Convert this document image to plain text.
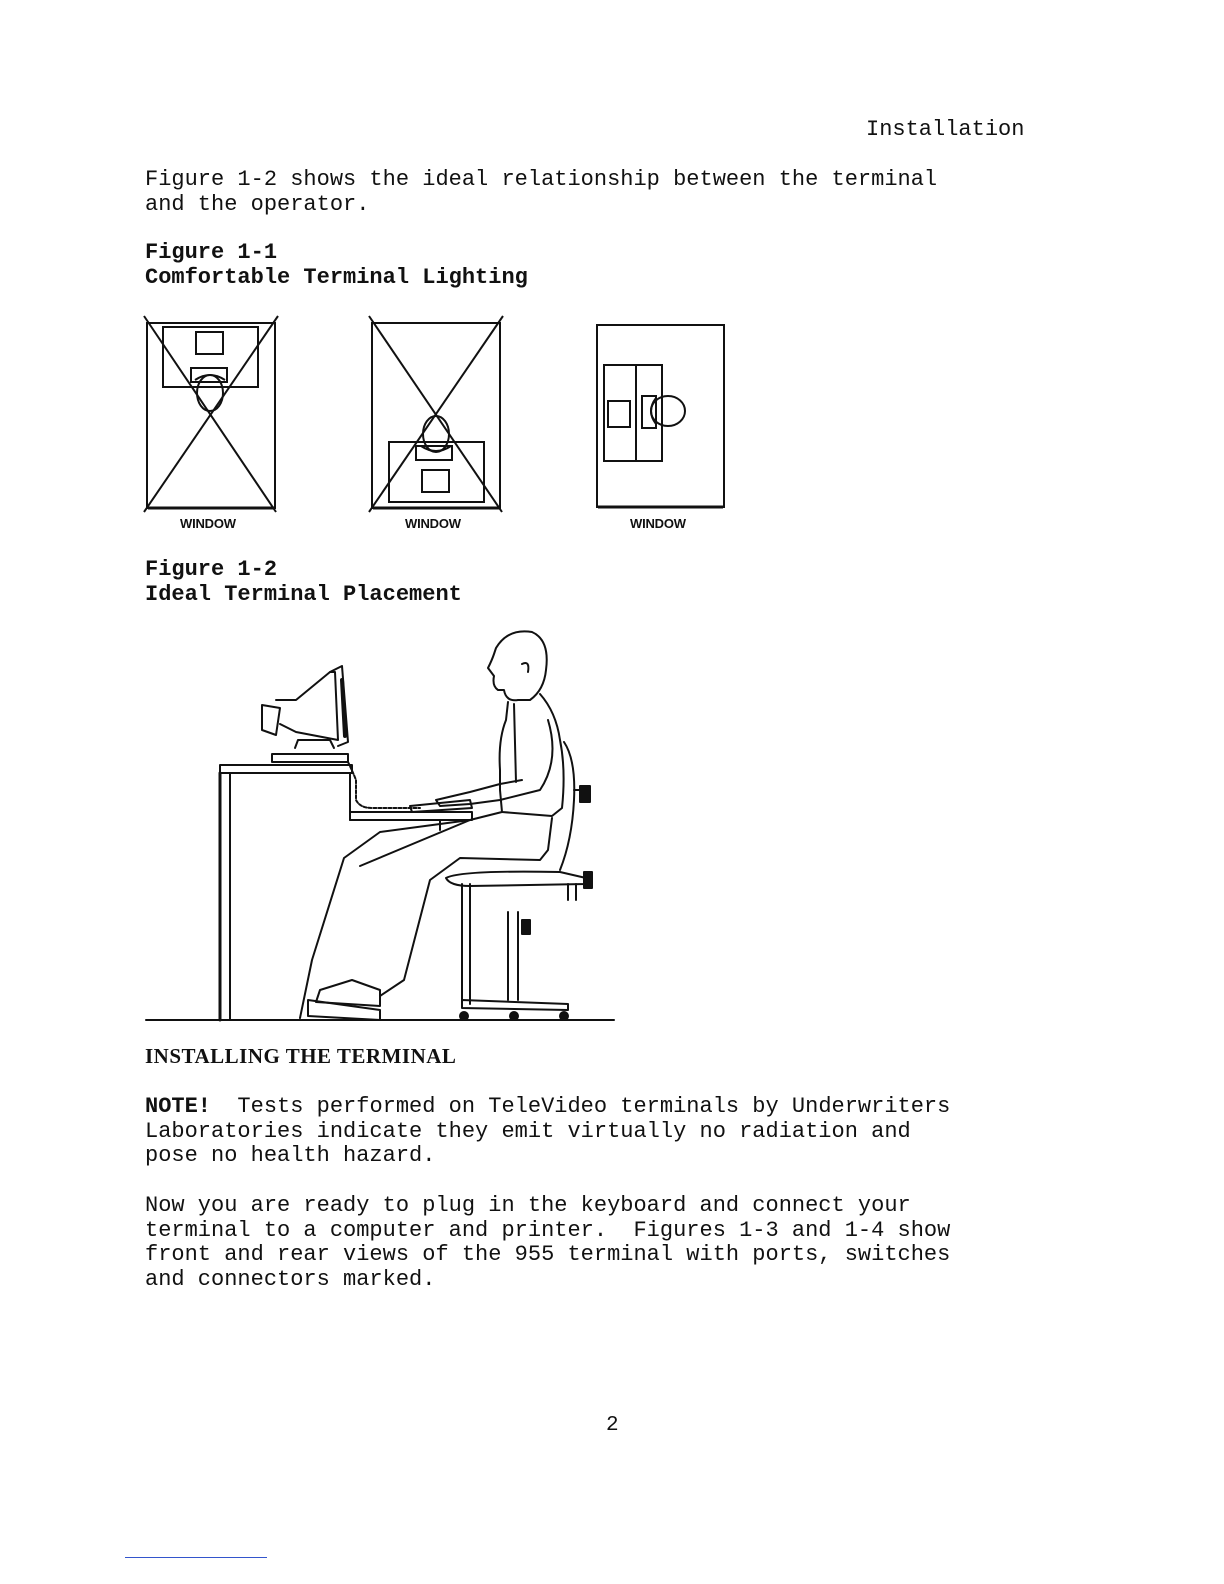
Installation
Figure 1-2 shows the ideal relationship between the terminal
and the operator.
Figure 1-1
Comfortable Terminal Lighting
WINDOW	WINDOW	WINDOW
Figure 1-2
Ideal Terminal Placement
INSTALLING THE TERMINAL
NOTE!  Tests performed on TeleVideo terminals by Underwriters
Laboratories indicate they emit virtually no radiation and
pose no health hazard.
Now you are ready to plug in the keyboard and connect your
terminal to a computer and printer.  Figures 1-3 and 1-4 show
front and rear views of the 955 terminal with ports, switches
and connectors marked.
2
